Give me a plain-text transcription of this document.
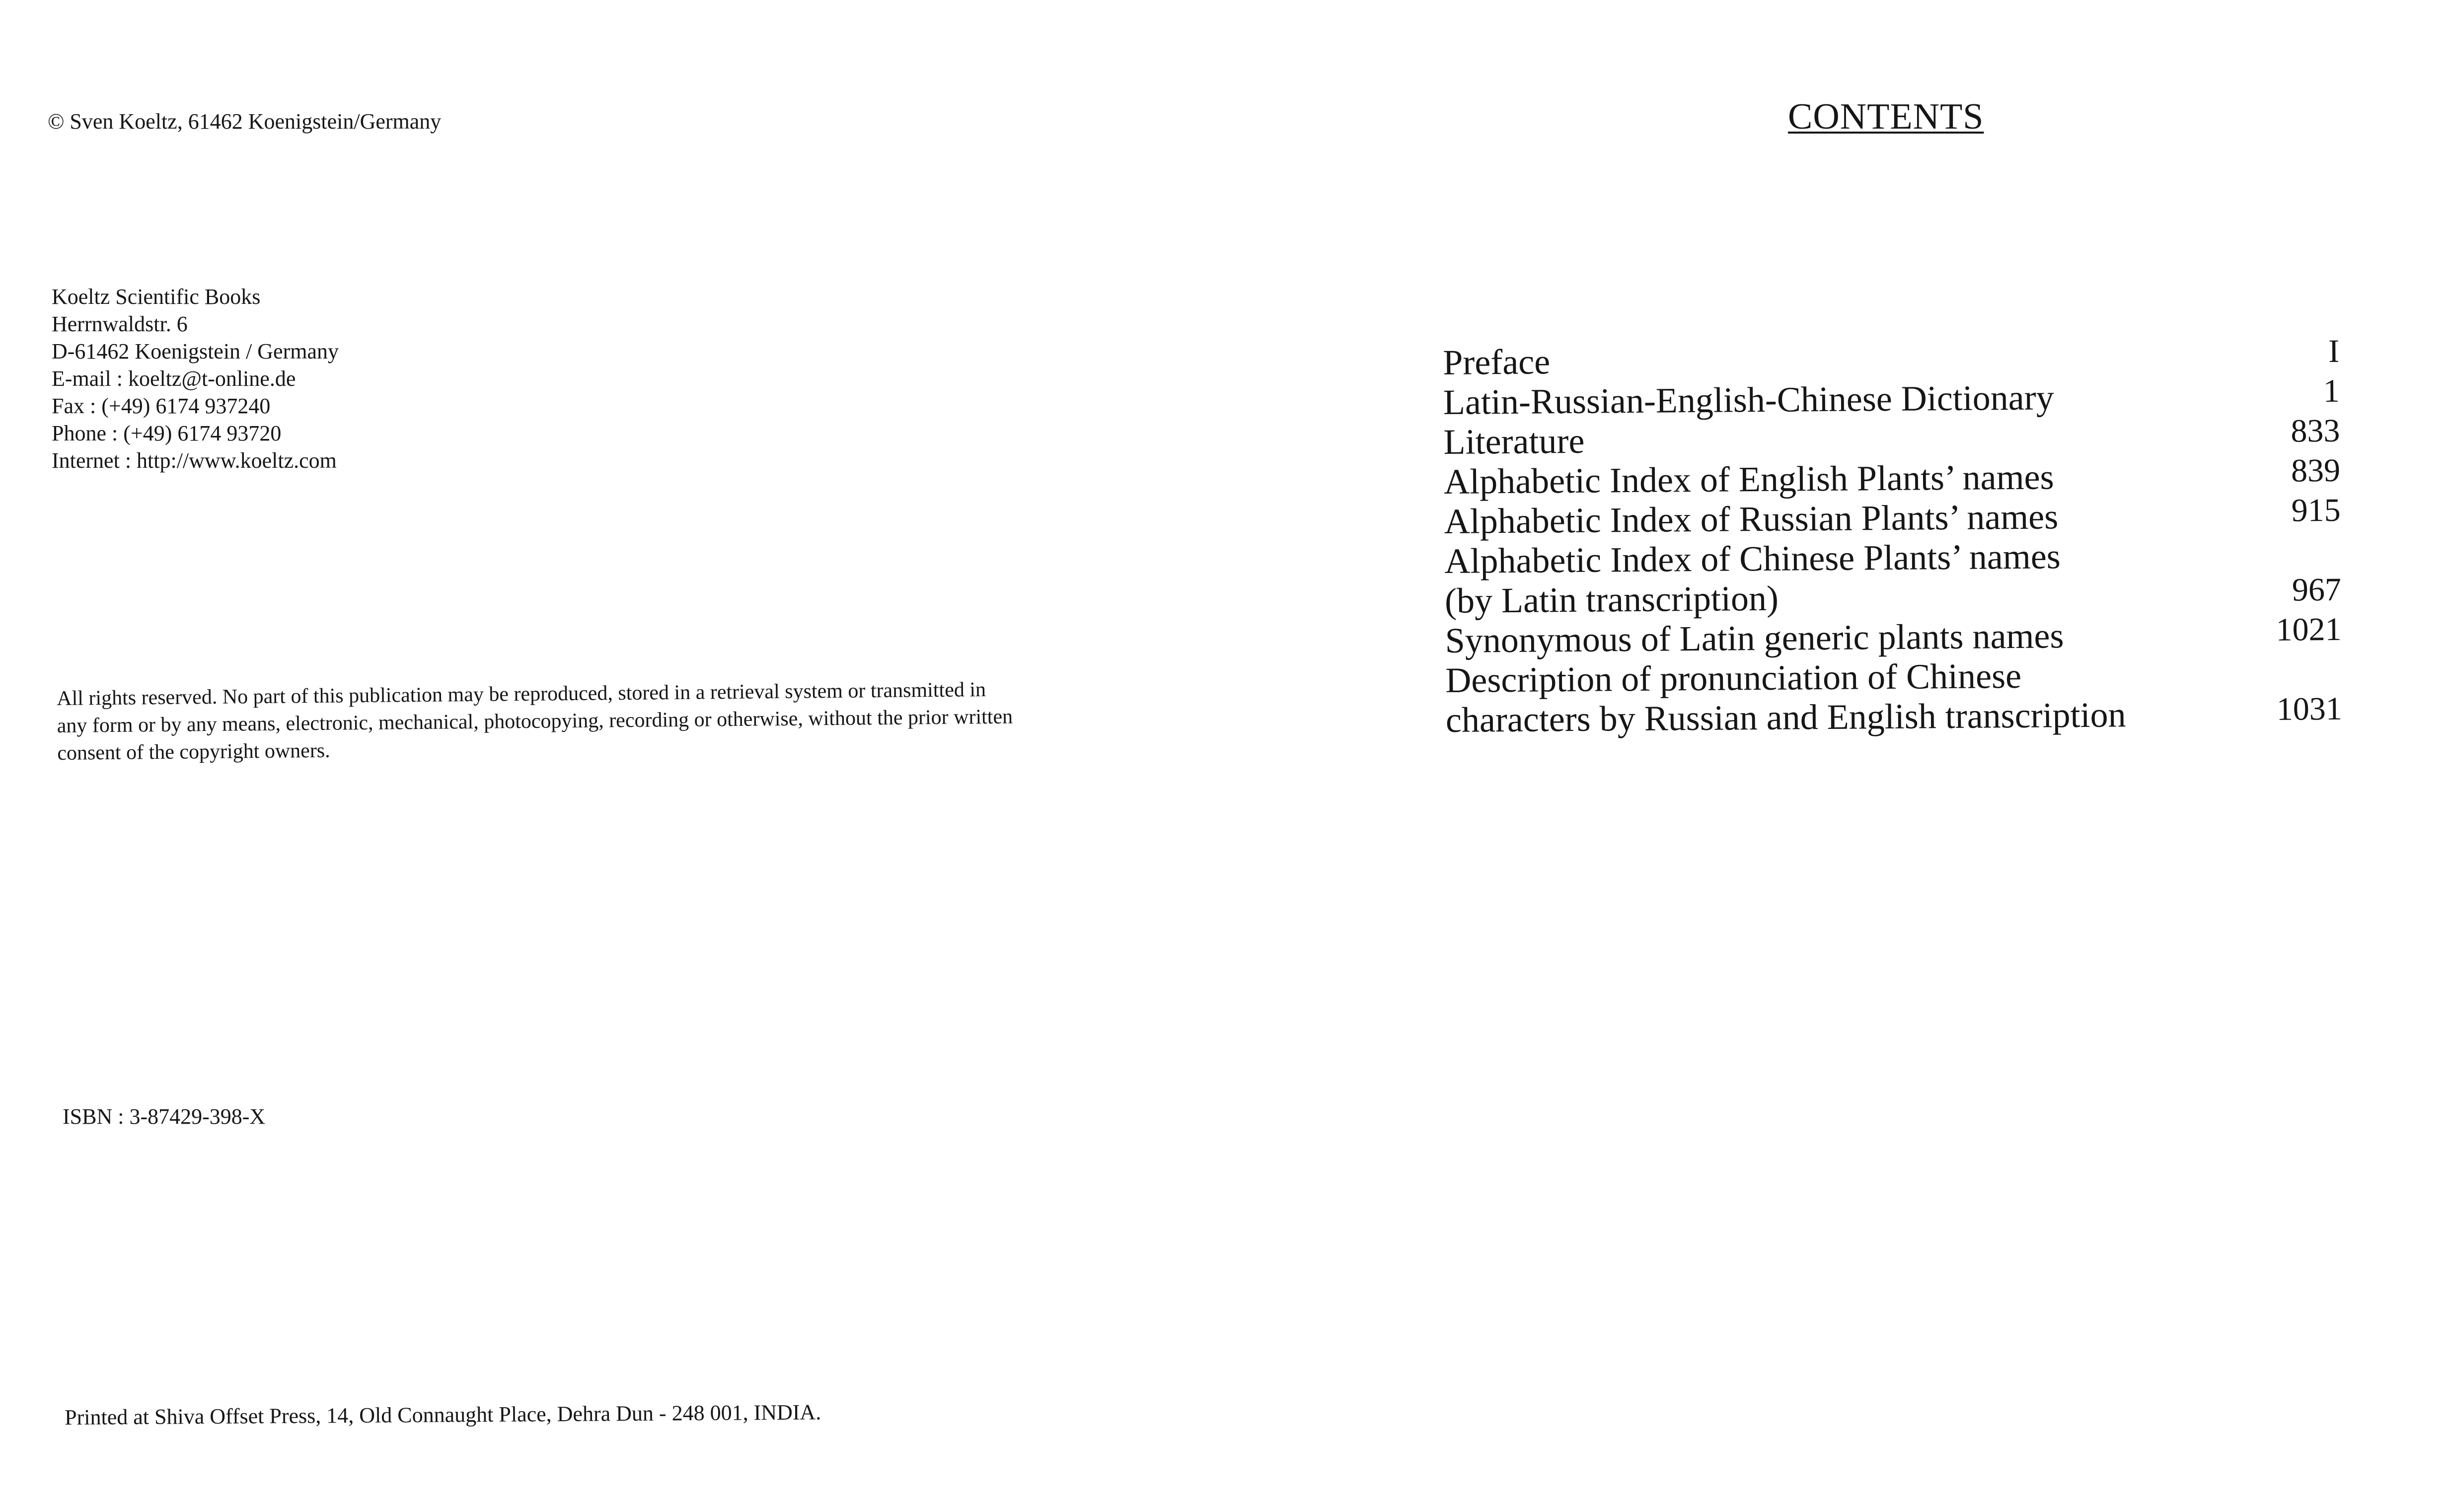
© Sven Koeltz, 61462 Koenigstein/Germany
Koeltz Scientific Books
Herrnwaldstr. 6
D-61462 Koenigstein / Germany
E-mail : koeltz@t-online.de
Fax : (+49) 6174 937240
Phone : (+49) 6174 93720
Internet : http://www.koeltz.com
All rights reserved. No part of this publication may be reproduced, stored in a retrieval system or transmitted in
any form or by any means, electronic, mechanical, photocopying, recording or otherwise, without the prior written
consent of the copyright owners.
ISBN : 3-87429-398-X
Printed at Shiva Offset Press, 14, Old Connaught Place, Dehra Dun - 248 001, INDIA.
CONTENTS
Preface	I
Latin-Russian-English-Chinese Dictionary	1
Literature	833
Alphabetic Index of English Plants’ names	839
Alphabetic Index of Russian Plants’ names	915
Alphabetic Index of Chinese Plants’ names
(by Latin transcription)	967
Synonymous of Latin generic plants names	1021
Description of pronunciation of Chinese
characters by Russian and English transcription	1031
